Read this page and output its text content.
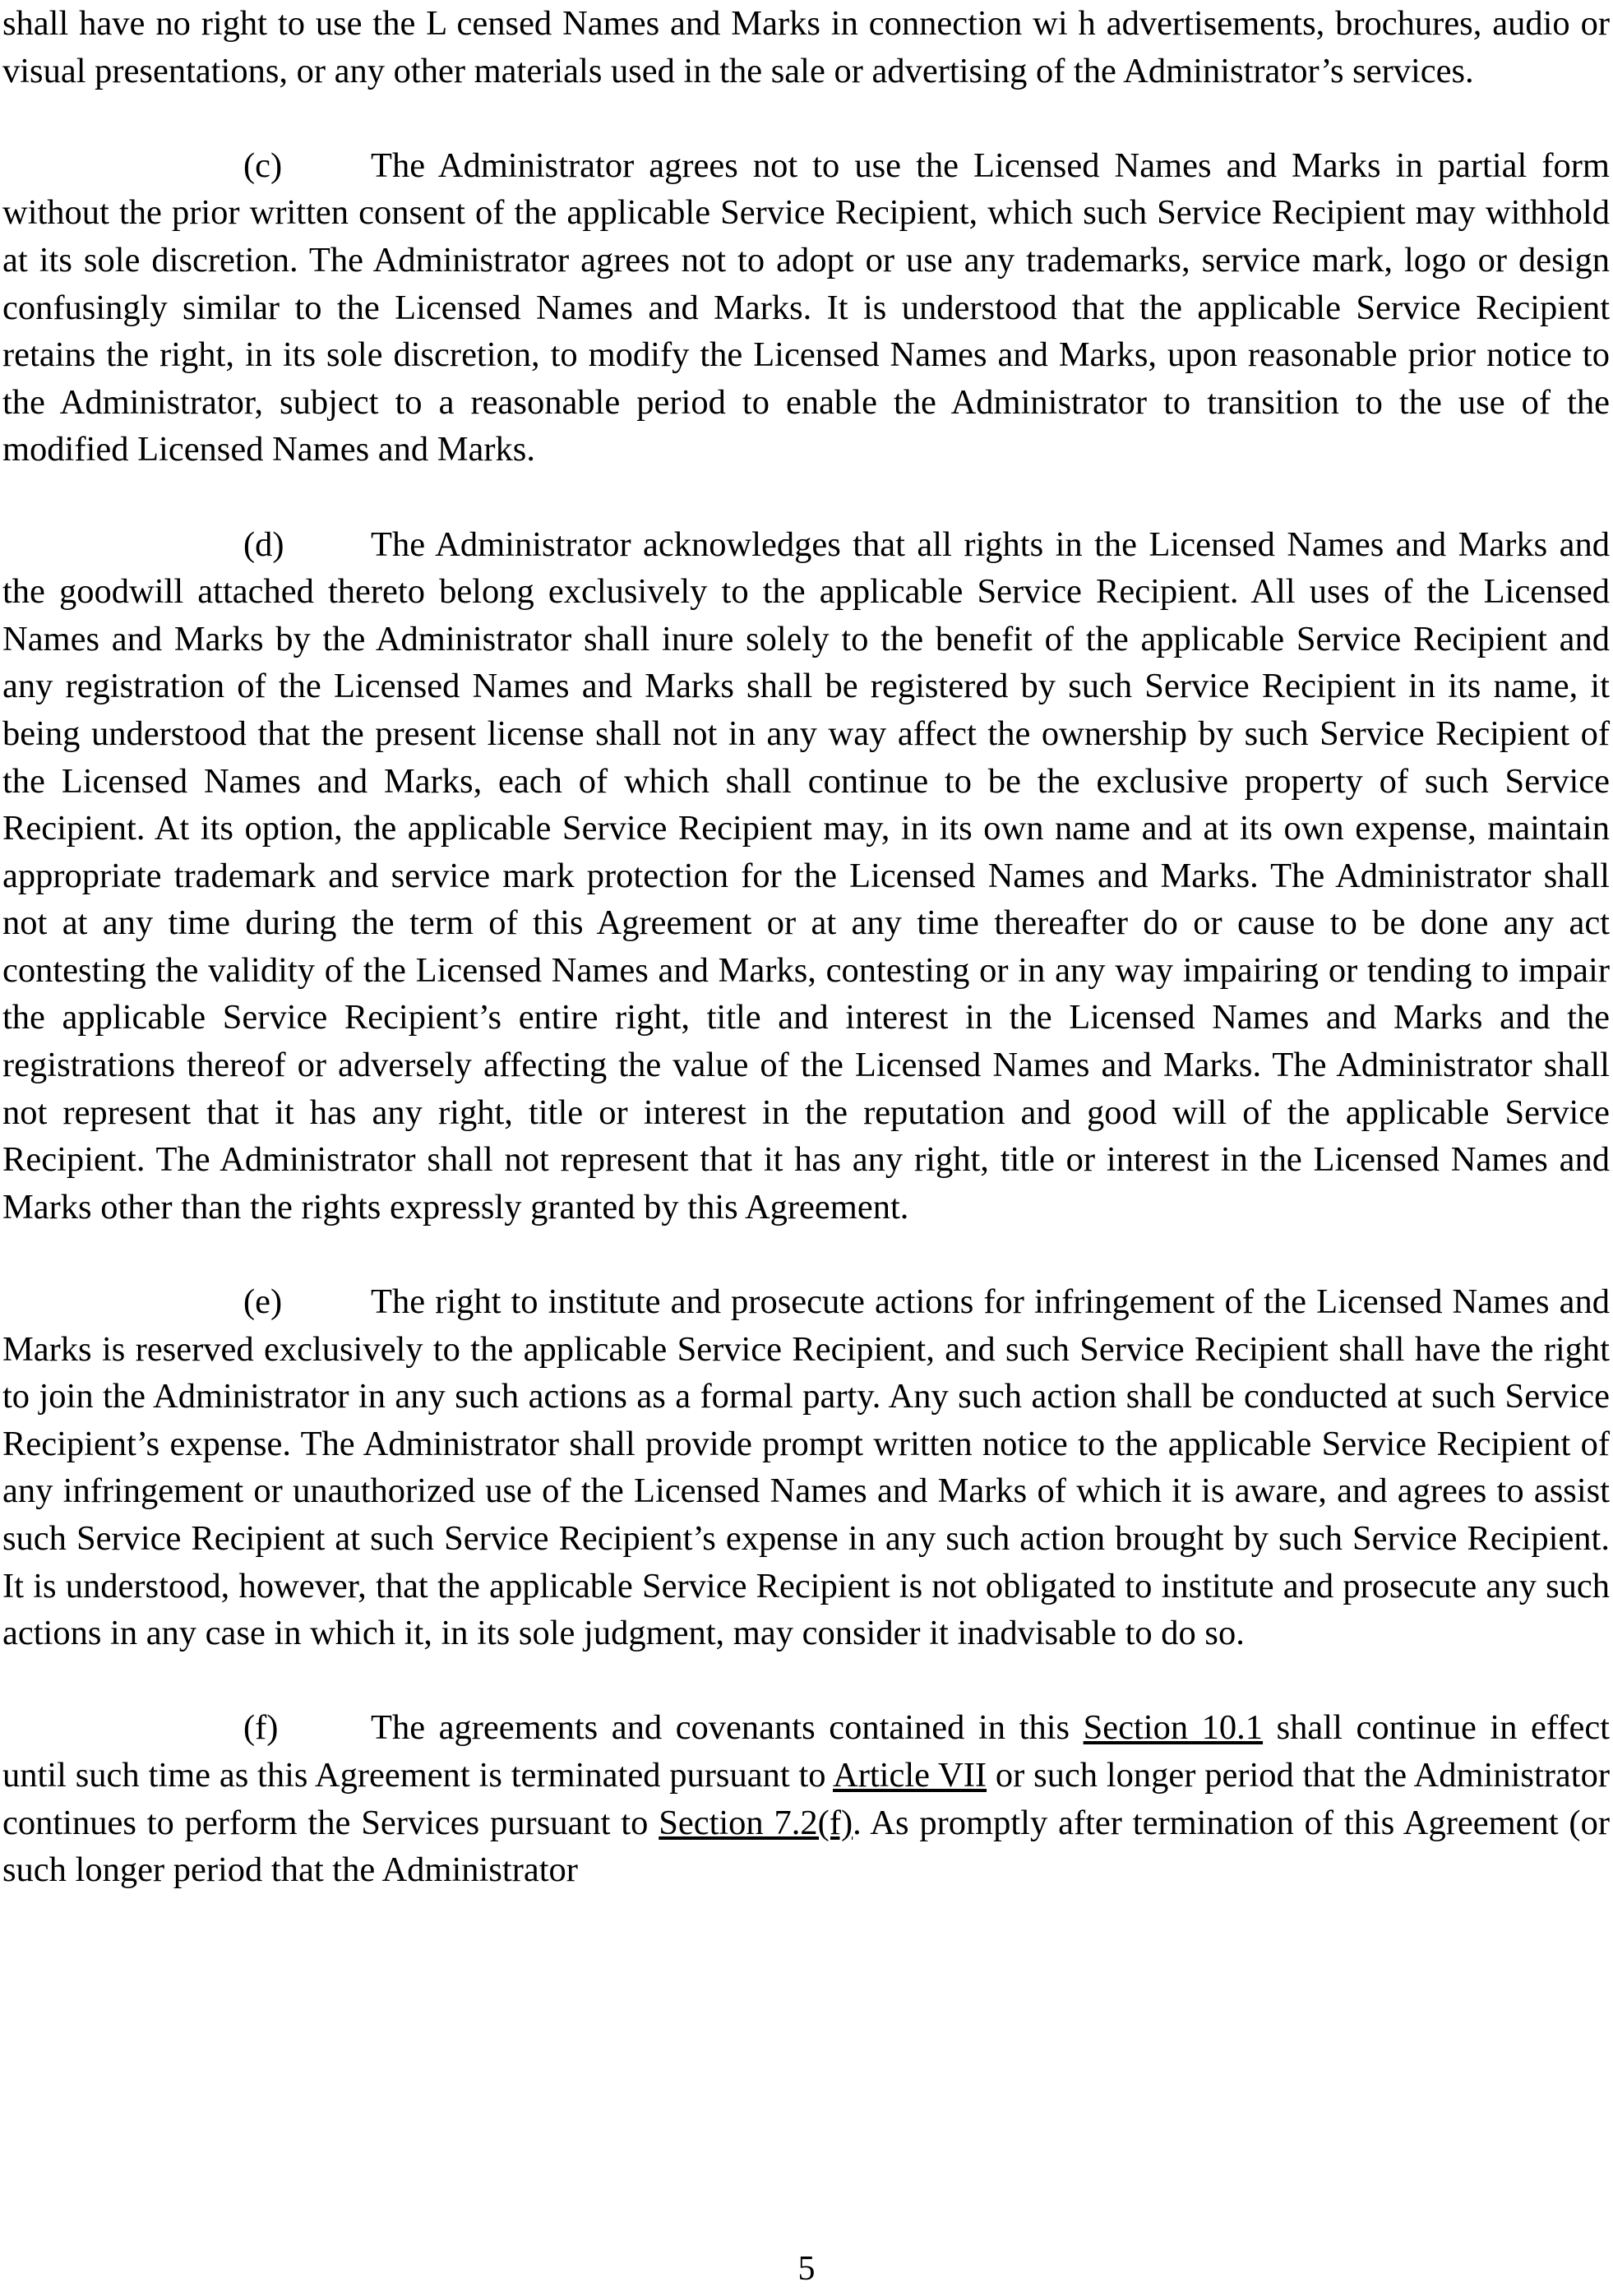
shall have no right to use the L censed Names and Marks in connection wi h advertisements, brochures, audio or visual presentations, or any other materials used in the sale or advertising of the Administrator’s services.

(c)	The Administrator agrees not to use the Licensed Names and Marks in partial form without the prior written consent of the applicable Service Recipient, which such Service Recipient may withhold at its sole discretion. The Administrator agrees not to adopt or use any trademarks, service mark, logo or design confusingly similar to the Licensed Names and Marks. It is understood that the applicable Service Recipient retains the right, in its sole discretion, to modify the Licensed Names and Marks, upon reasonable prior notice to the Administrator, subject to a reasonable period to enable the Administrator to transition to the use of the modified Licensed Names and Marks.

(d) The Administrator acknowledges that all rights in the Licensed Names and Marks and the goodwill attached thereto belong exclusively to the applicable Service Recipient. All uses of the Licensed Names and Marks by the Administrator shall inure solely to the benefit of the applicable Service Recipient and any registration of the Licensed Names and Marks shall be registered by such Service Recipient in its name, it being understood that the present license shall not in any way affect the ownership by such Service Recipient of the Licensed Names and Marks, each of which shall continue to be the exclusive property of such Service Recipient. At its option, the applicable Service Recipient may, in its own name and at its own expense, maintain appropriate trademark and service mark protection for the Licensed Names and Marks. The Administrator shall not at any time during the term of this Agreement or at any time thereafter do or cause to be done any act contesting the validity of the Licensed Names and Marks, contesting or in any way impairing or tending to impair the applicable Service Recipient’s entire right, title and interest in the Licensed Names and Marks and the registrations thereof or adversely affecting the value of the Licensed Names and Marks. The Administrator shall not represent that it has any right, title or interest in the reputation and good will of the applicable Service Recipient. The Administrator shall not represent that it has any right, title or interest in the Licensed Names and Marks other than the rights expressly granted by this Agreement.

(e)	The right to institute and prosecute actions for infringement of the Licensed Names and Marks is reserved exclusively to the applicable Service Recipient, and such Service Recipient shall have the right to join the Administrator in any such actions as a formal party. Any such action shall be conducted at such Service Recipient’s expense. The Administrator shall provide prompt written notice to the applicable Service Recipient of any infringement or unauthorized use of the Licensed Names and Marks of which it is aware, and agrees to assist such Service Recipient at such Service Recipient’s expense in any such action brought by such Service Recipient. It is understood, however, that the applicable Service Recipient is not obligated to institute and prosecute any such actions in any case in which it, in its sole judgment, may consider it inadvisable to do so.

(f)	The agreements and covenants contained in this Section 10.1 shall continue in effect until such time as this Agreement is terminated pursuant to Article VII or such longer period that the Administrator continues to perform the Services pursuant to Section 7.2(f). As promptly after termination of this Agreement (or such longer period that the Administrator

5
